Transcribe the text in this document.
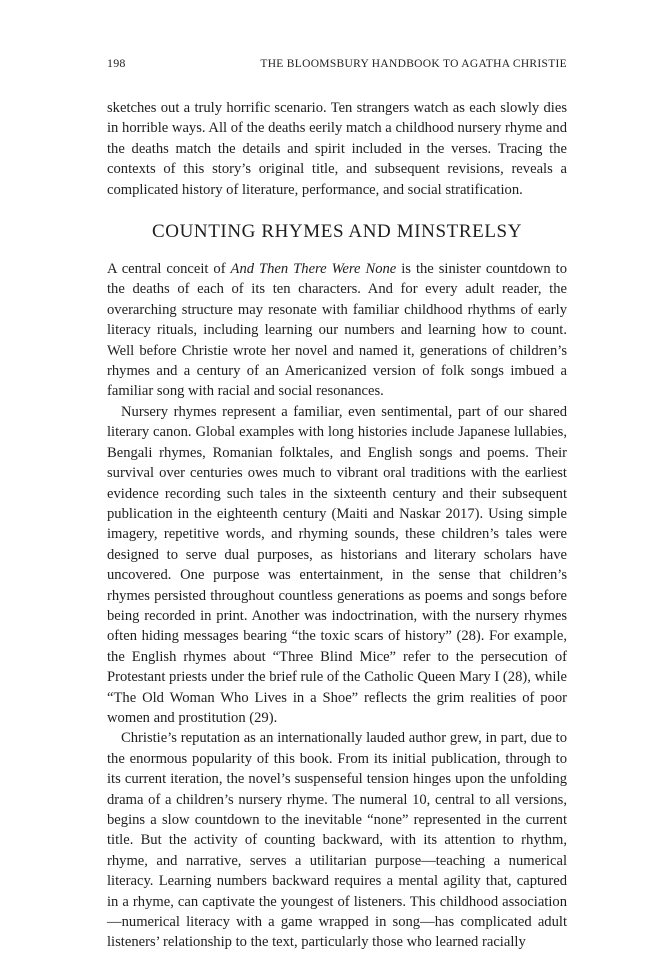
198	THE BLOOMSBURY HANDBOOK TO AGATHA CHRISTIE

sketches out a truly horrific scenario. Ten strangers watch as each slowly dies in horrible ways. All of the deaths eerily match a childhood nursery rhyme and the deaths match the details and spirit included in the verses. Tracing the contexts of this story’s original title, and subsequent revisions, reveals a complicated history of literature, performance, and social stratification.

COUNTING RHYMES AND MINSTRELSY

A central conceit of And Then There Were None is the sinister countdown to the deaths of each of its ten characters. And for every adult reader, the overarching structure may resonate with familiar childhood rhythms of early literacy rituals, including learning our numbers and learning how to count. Well before Christie wrote her novel and named it, generations of children’s rhymes and a century of an Americanized version of folk songs imbued a familiar song with racial and social resonances.

Nursery rhymes represent a familiar, even sentimental, part of our shared literary canon. Global examples with long histories include Japanese lullabies, Bengali rhymes, Romanian folktales, and English songs and poems. Their survival over centuries owes much to vibrant oral traditions with the earliest evidence recording such tales in the sixteenth century and their subsequent publication in the eighteenth century (Maiti and Naskar 2017). Using simple imagery, repetitive words, and rhyming sounds, these children’s tales were designed to serve dual purposes, as historians and literary scholars have uncovered. One purpose was entertainment, in the sense that children’s rhymes persisted throughout countless generations as poems and songs before being recorded in print. Another was indoctrination, with the nursery rhymes often hiding messages bearing “the toxic scars of history” (28). For example, the English rhymes about “Three Blind Mice” refer to the persecution of Protestant priests under the brief rule of the Catholic Queen Mary I (28), while “The Old Woman Who Lives in a Shoe” reflects the grim realities of poor women and prostitution (29).

Christie’s reputation as an internationally lauded author grew, in part, due to the enormous popularity of this book. From its initial publication, through to its current iteration, the novel’s suspenseful tension hinges upon the unfolding drama of a children’s nursery rhyme. The numeral 10, central to all versions, begins a slow countdown to the inevitable “none” represented in the current title. But the activity of counting backward, with its attention to rhythm, rhyme, and narrative, serves a utilitarian purpose—teaching a numerical literacy. Learning numbers backward requires a mental agility that, captured in a rhyme, can captivate the youngest of listeners. This childhood association—numerical literacy with a game wrapped in song—has complicated adult listeners’ relationship to the text, particularly those who learned racially
